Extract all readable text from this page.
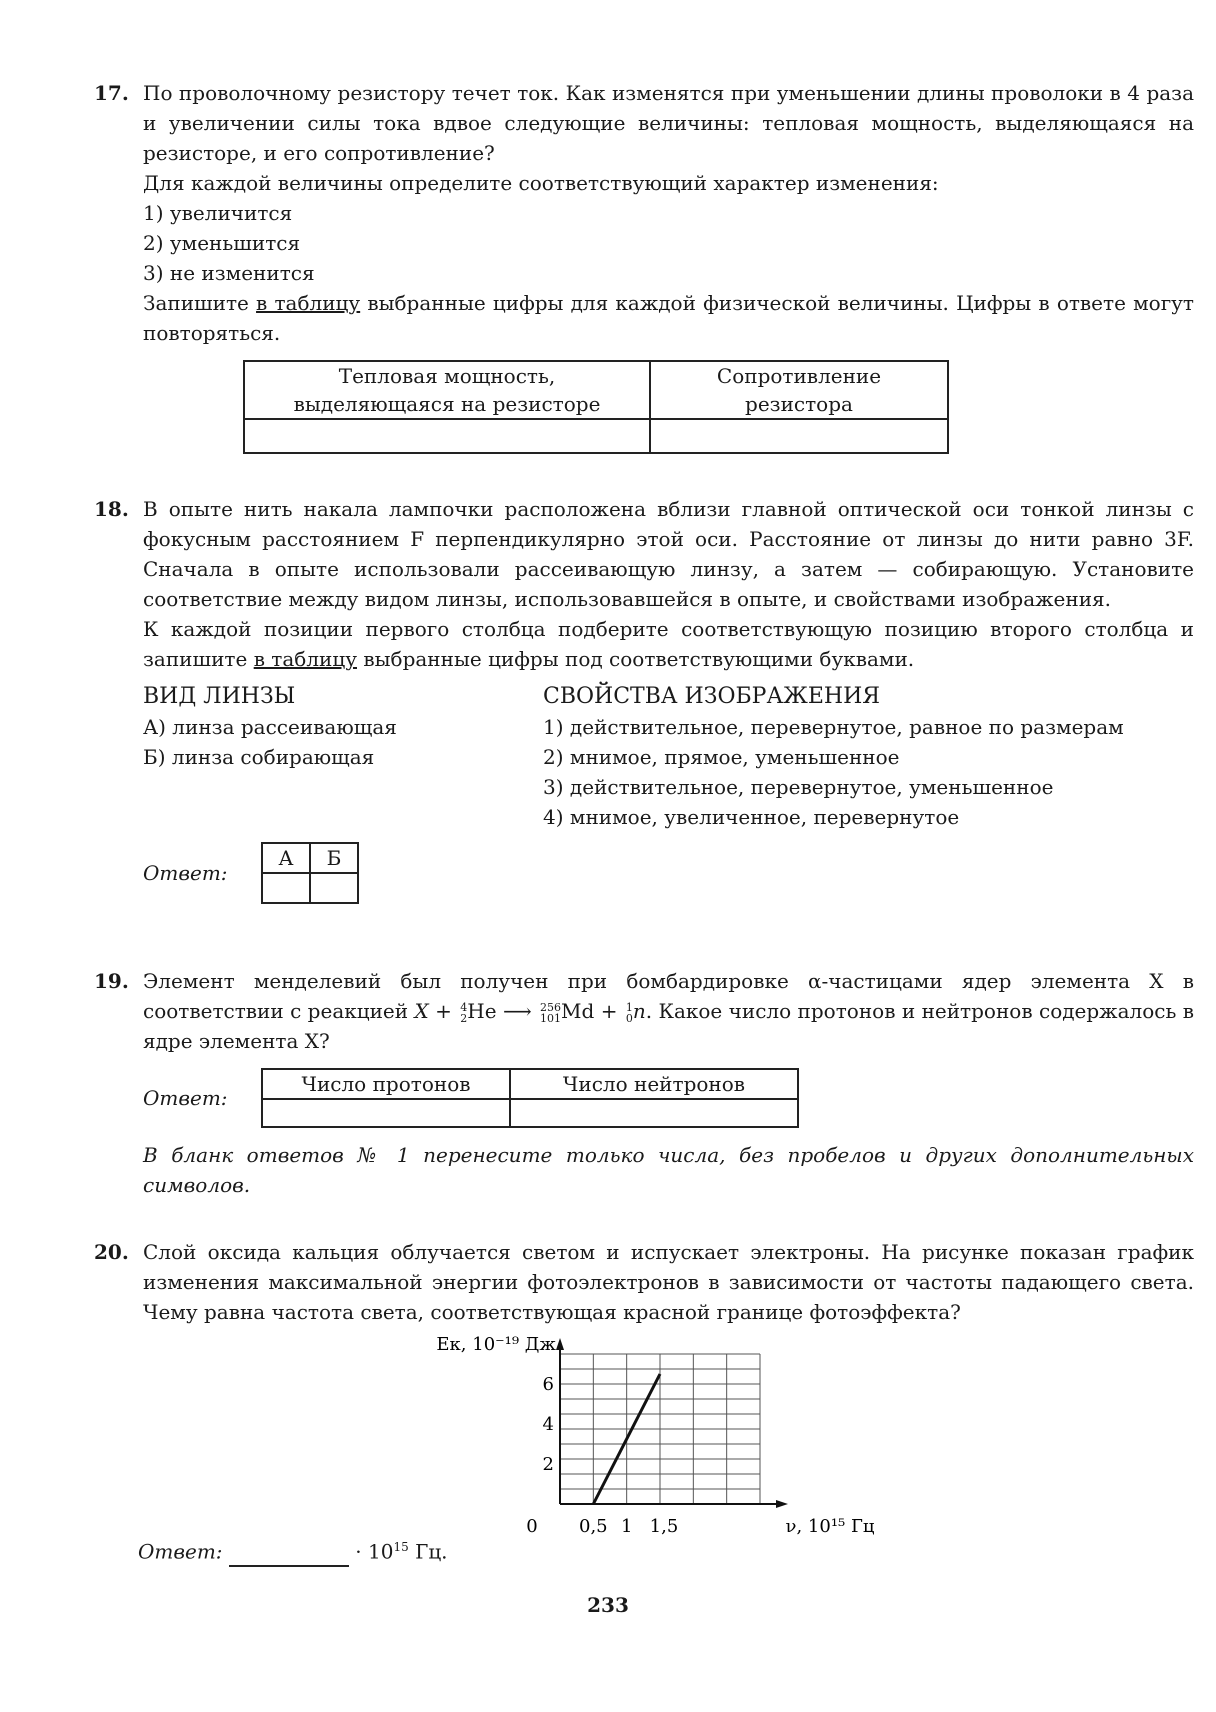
17. По проволочному резистору течет ток. Как изменятся при уменьшении длины проволоки в 4 раза и увеличении силы тока вдвое следующие величины: тепловая мощность, выделяющаяся на резисторе, и его сопротивление?

Для каждой величины определите соответствующий характер изменения:

1) увеличится
2) уменьшится
3) не изменится

Запишите в таблицу выбранные цифры для каждой физической величины. Цифры в ответе могут повторяться.

Тепловая мощность, выделяющаяся на резисторе	Сопротивление резистора

18. В опыте нить накала лампочки расположена вблизи главной оптической оси тонкой линзы с фокусным расстоянием F перпендикулярно этой оси. Расстояние от линзы до нити равно 3F. Сначала в опыте использовали рассеивающую линзу, а затем — собирающую. Установите соответствие между видом линзы, использовавшейся в опыте, и свойствами изображения.

К каждой позиции первого столбца подберите соответствующую позицию второго столбца и запишите в таблицу выбранные цифры под соответствующими буквами.

ВИД ЛИНЗЫ
А) линза рассеивающая
Б) линза собирающая
СВОЙСТВА ИЗОБРАЖЕНИЯ
1) действительное, перевернутое, равное по размерам
2) мнимое, прямое, уменьшенное
3) действительное, перевернутое, уменьшенное
4) мнимое, увеличенное, перевернутое
Ответ:
А	Б

19. Элемент менделевий был получен при бомбардировке α-частицами ядер элемента X в соответствии с реакцией X + 4
2 He ⟶ 256
101 Md + 1
0 n. Какое число протонов и нейтронов содержалось в ядре элемента X?

Ответ:
Число протонов	Число нейтронов

В бланк ответов № 1 перенесите только числа, без пробелов и других дополнительных символов.

20. Слой оксида кальция облучается светом и испускает электроны. На рисунке показан график изменения максимальной энергии фотоэлектронов в зависимости от частоты падающего света. Чему равна частота света, соответствующая красной границе фотоэффекта?

2
4
6
0 0,5 1 1,5
Eк, 10⁻¹⁹ Дж
ν, 10¹⁵ Гц
Ответ:	· $10^{15}$ Гц.
233
